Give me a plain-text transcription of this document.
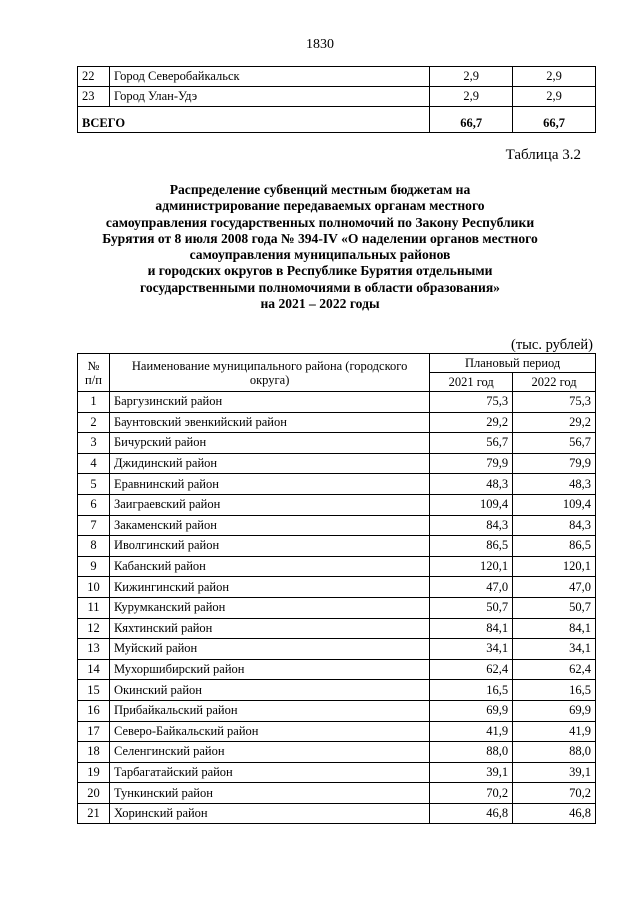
1830
22	Город Северобайкальск	2,9	2,9
23	Город Улан-Удэ	2,9	2,9
ВСЕГО		66,7	66,7
Таблица 3.2
Распределение субвенций местным бюджетам на
администрирование передаваемых органам местного
самоуправления государственных полномочий по Закону Республики
Бурятия от 8 июля 2008 года № 394-IV «О наделении органов местного
самоуправления муниципальных районов
и городских округов в Республике Бурятия отдельными
государственными полномочиями в области образования»
на 2021 – 2022 годы
(тыс. рублей)
№ п/п	Наименование муниципального района (городского округа)	Плановый период	
		2021 год	2022 год
1	Баргузинский район	75,3	75,3
2	Баунтовский эвенкийский район	29,2	29,2
3	Бичурский район	56,7	56,7
4	Джидинский район	79,9	79,9
5	Еравнинский район	48,3	48,3
6	Заиграевский район	109,4	109,4
7	Закаменский район	84,3	84,3
8	Иволгинский район	86,5	86,5
9	Кабанский район	120,1	120,1
10	Кижингинский район	47,0	47,0
11	Курумканский район	50,7	50,7
12	Кяхтинский район	84,1	84,1
13	Муйский район	34,1	34,1
14	Мухоршибирский район	62,4	62,4
15	Окинский район	16,5	16,5
16	Прибайкальский район	69,9	69,9
17	Северо-Байкальский район	41,9	41,9
18	Селенгинский район	88,0	88,0
19	Тарбагатайский район	39,1	39,1
20	Тункинский район	70,2	70,2
21	Хоринский район	46,8	46,8
